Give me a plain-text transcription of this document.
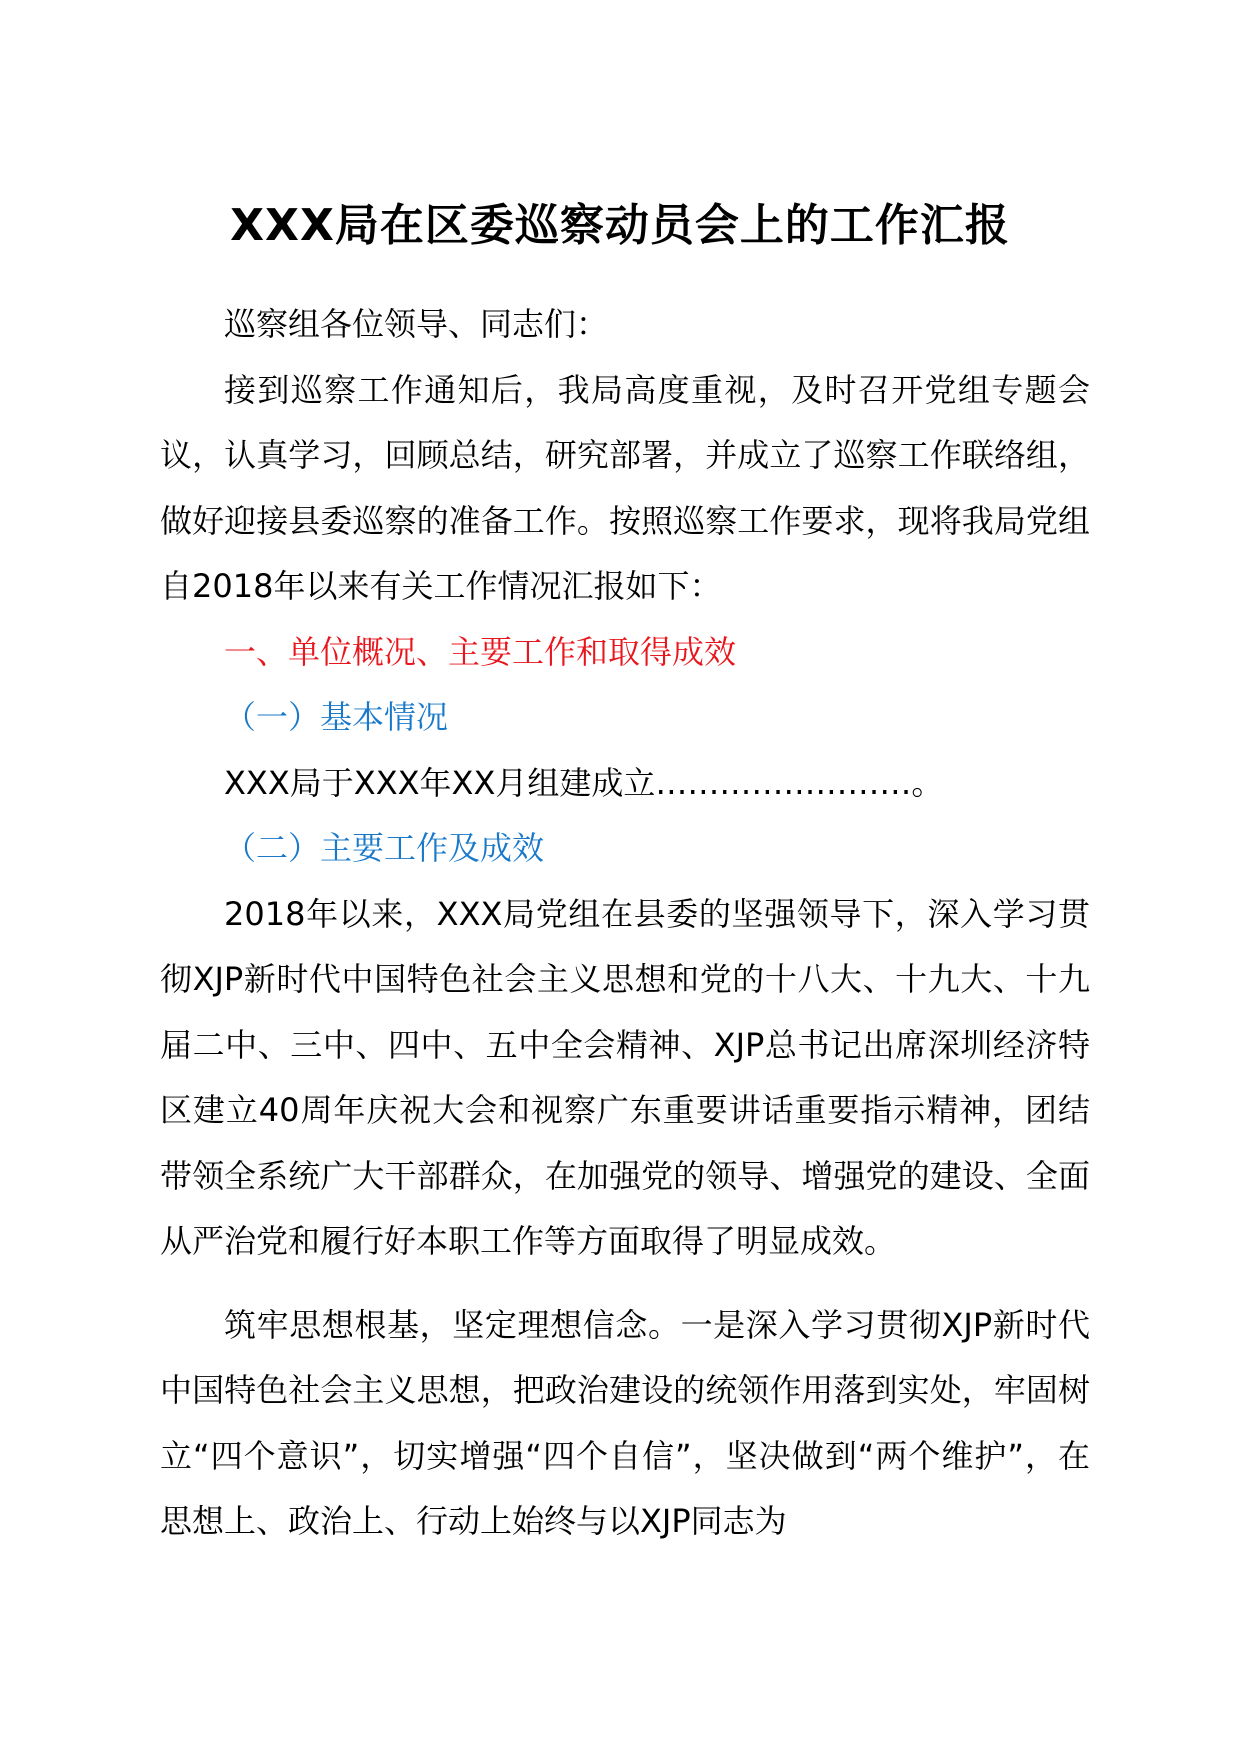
XXX局在区委巡察动员会上的工作汇报

巡察组各位领导、同志们：

接到巡察工作通知后，我局高度重视，及时召开党组专题会议，认真学习，回顾总结，研究部署，并成立了巡察工作联络组，做好迎接县委巡察的准备工作。按照巡察工作要求，现将我局党组自2018年以来有关工作情况汇报如下：

一、单位概况、主要工作和取得成效

（一）基本情况

XXX局于XXX年XX月组建成立……………………。

（二）主要工作及成效

2018年以来，XXX局党组在县委的坚强领导下，深入学习贯彻XJP新时代中国特色社会主义思想和党的十八大、十九大、十九届二中、三中、四中、五中全会精神、XJP总书记出席深圳经济特区建立40周年庆祝大会和视察广东重要讲话重要指示精神，团结带领全系统广大干部群众，在加强党的领导、增强党的建设、全面从严治党和履行好本职工作等方面取得了明显成效。

筑牢思想根基，坚定理想信念。一是深入学习贯彻XJP新时代中国特色社会主义思想，把政治建设的统领作用落到实处，牢固树立“四个意识”，切实增强“四个自信”，坚决做到“两个维护”，在思想上、政治上、行动上始终与以XJP同志为
